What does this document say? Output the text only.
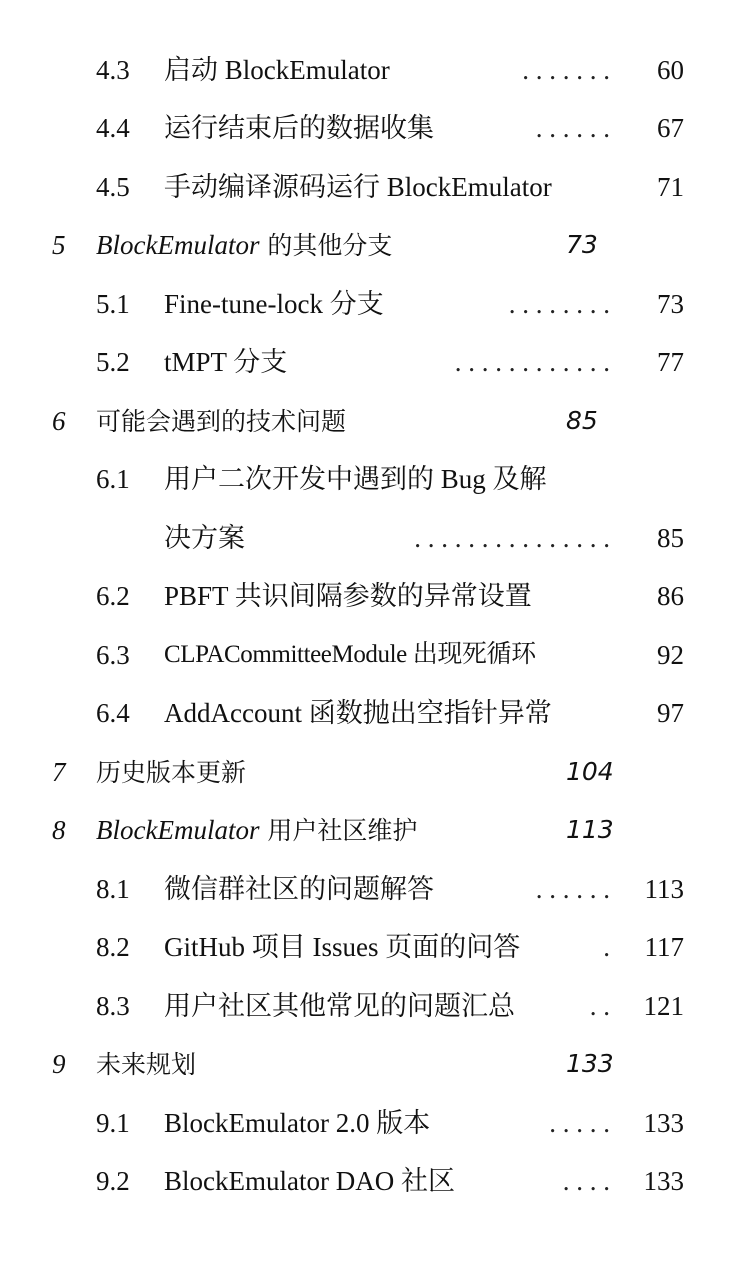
4.3 启动 BlockEmulator	. . . . . . . 60
4.4 运行结束后的数据收集	. . . . . . 67
4.5 手动编译源码运行 BlockEmulator	71
5 BlockEmulator 的其他分支	73
5.1 Fine-tune-lock 分支	. . . . . . . . 73
5.2 tMPT 分支	. . . . . . . . . . . . 77
6 可能会遇到的技术问题	85
6.1 用户二次开发中遇到的 Bug 及解
决方案	. . . . . . . . . . . . . . . 85
6.2 PBFT 共识间隔参数的异常设置	86
6.3 CLPACommitteeModule 出现死循环	92
6.4 AddAccount 函数抛出空指针异常	97
7 历史版本更新	104
8 BlockEmulator 用户社区维护	113
8.1 微信群社区的问题解答	. . . . . . 113
8.2 GitHub 项目 Issues 页面的问答	. 117
8.3 用户社区其他常见的问题汇总	. . 121
9 未来规划	133
9.1 BlockEmulator 2.0 版本	. . . . . 133
9.2 BlockEmulator DAO 社区	. . . . 133
